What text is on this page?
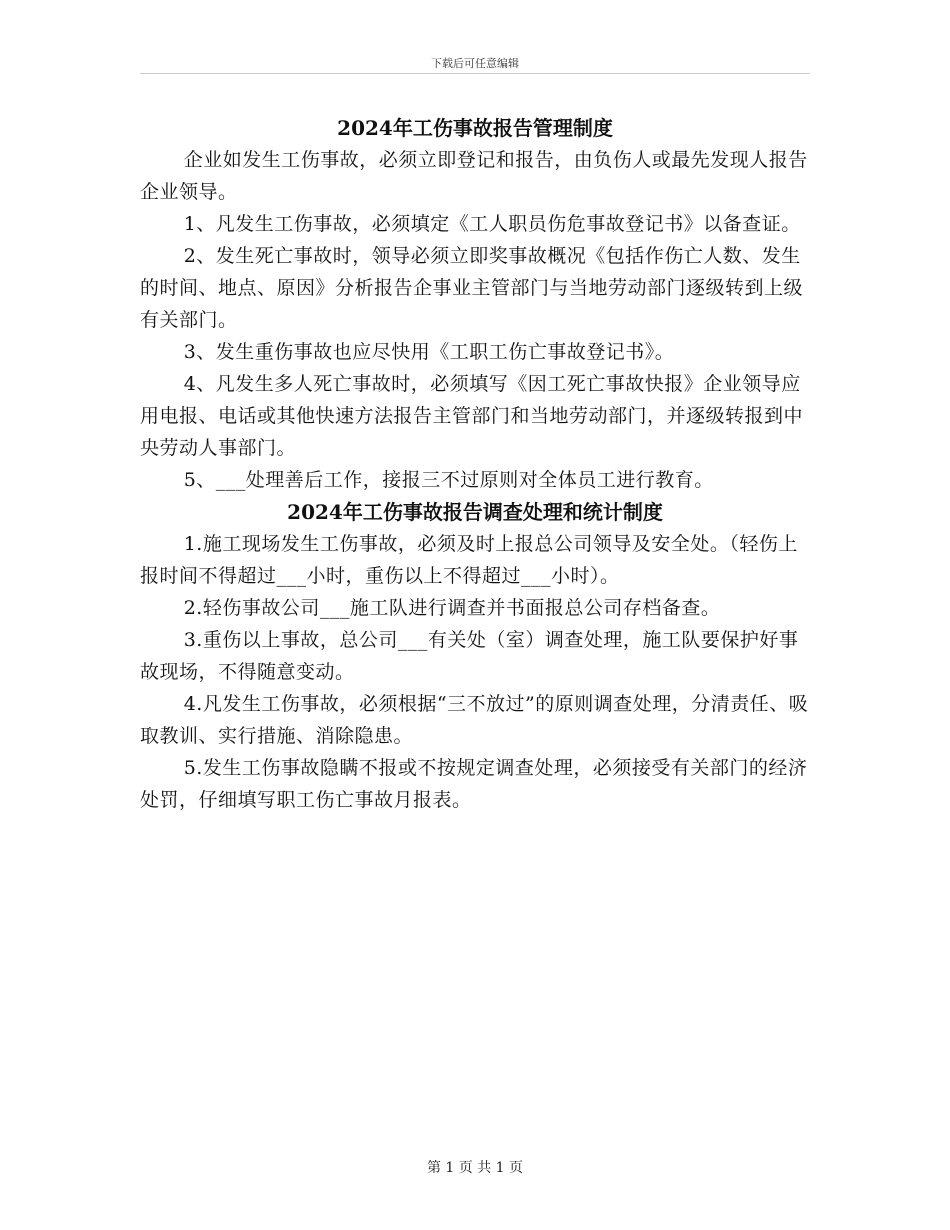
下载后可任意编辑
2024年工伤事故报告管理制度

企业如发生工伤事故，必须立即登记和报告，由负伤人或最先发现人报告企业领导。

1、凡发生工伤事故，必须填定《工人职员伤危事故登记书》以备查证。

2、发生死亡事故时，领导必须立即奖事故概况《包括作伤亡人数、发生的时间、地点、原因》分析报告企事业主管部门与当地劳动部门逐级转到上级有关部门。

3、发生重伤事故也应尽快用《工职工伤亡事故登记书》。

4、凡发生多人死亡事故时，必须填写《因工死亡事故快报》企业领导应用电报、电话或其他快速方法报告主管部门和当地劳动部门，并逐级转报到中央劳动人事部门。

5、___处理善后工作，接报三不过原则对全体员工进行教育。

2024年工伤事故报告调查处理和统计制度

1.施工现场发生工伤事故，必须及时上报总公司领导及安全处。（轻伤上报时间不得超过___小时，重伤以上不得超过___小时）。

2.轻伤事故公司___施工队进行调查并书面报总公司存档备查。

3.重伤以上事故，总公司___有关处（室）调查处理，施工队要保护好事故现场，不得随意变动。

4.凡发生工伤事故，必须根据“三不放过”的原则调查处理，分清责任、吸取教训、实行措施、消除隐患。

5.发生工伤事故隐瞒不报或不按规定调查处理，必须接受有关部门的经济处罚，仔细填写职工伤亡事故月报表。

第 1 页 共 1 页
